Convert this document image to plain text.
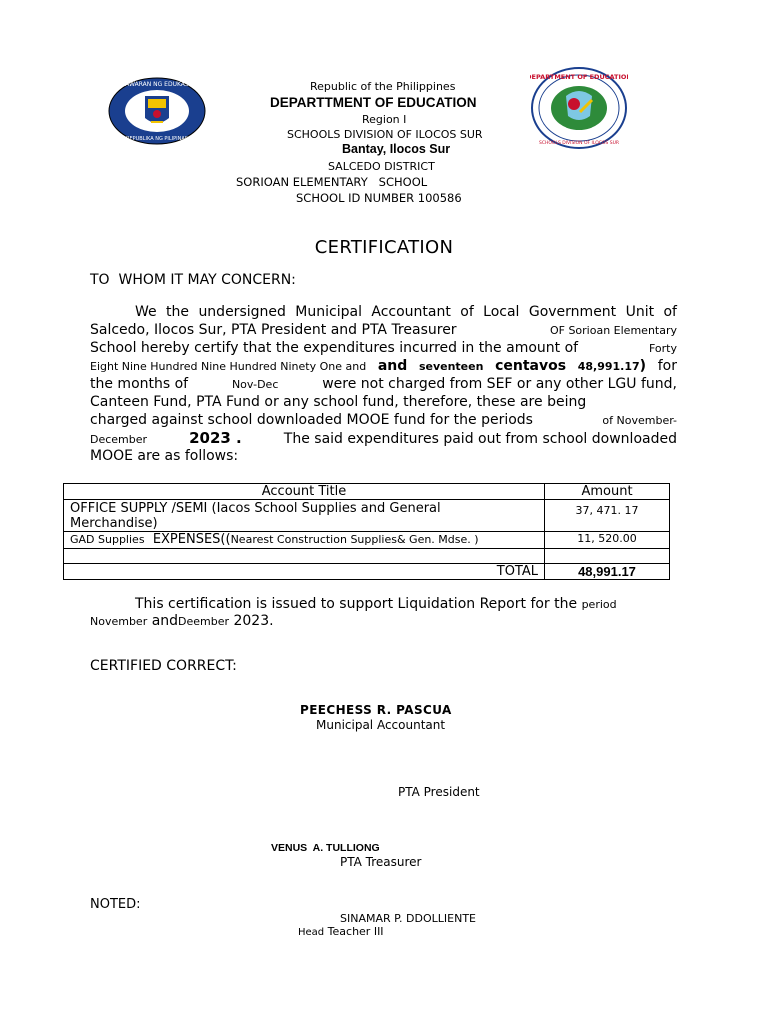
KAGAWARAN NG EDUKASYON
REPUBLIKA NG PILIPINAS
DEPARTMENT OF EDUCATION
SCHOOLS DIVISION OF ILOCOS SUR
Republic of the Philippines
DEPARTTMENT OF EDUCATION
Region I
SCHOOLS DIVISION OF ILOCOS SUR
Bantay, Ilocos Sur
SALCEDO DISTRICT
SORIOAN ELEMENTARY   SCHOOL
SCHOOL ID NUMBER 100586
CERTIFICATION
TO  WHOM IT MAY CONCERN:
We the undersigned Municipal Accountant of Local Government Unit of
Salcedo, Ilocos Sur, PTA President and PTA Treasurer	OF Sorioan Elementary
School hereby certify that the expenditures incurred in the amount of	Forty
Eight Nine Hundred Nine Hundred Ninety One and and seventeen centavos 48,991.17) for
the months of	Nov-Dec	were not charged from SEF or any other LGU fund,
Canteen Fund, PTA Fund or any school fund, therefore, these are being
charged against school downloaded MOOE fund for the periods	of November-
December	2023 .	The said expenditures paid out from school downloaded
MOOE are as follows:
Account Title	Amount
OFFICE SUPPLY /SEMI (Iacos School Supplies and General Merchandise)	37, 471. 17
GAD Supplies EXPENSES((Nearest Construction Supplies& Gen. Mdse. )	11, 520.00

TOTAL	48,991.17
This certification is issued to support Liquidation Report for the period
November andDeember 2023.
CERTIFIED CORRECT:
PEECHESS R. PASCUA
Municipal Accountant
PTA President
VENUS  A. TULLIONG
PTA Treasurer
NOTED:
SINAMAR P. DDOLLIENTE
Head Teacher III
